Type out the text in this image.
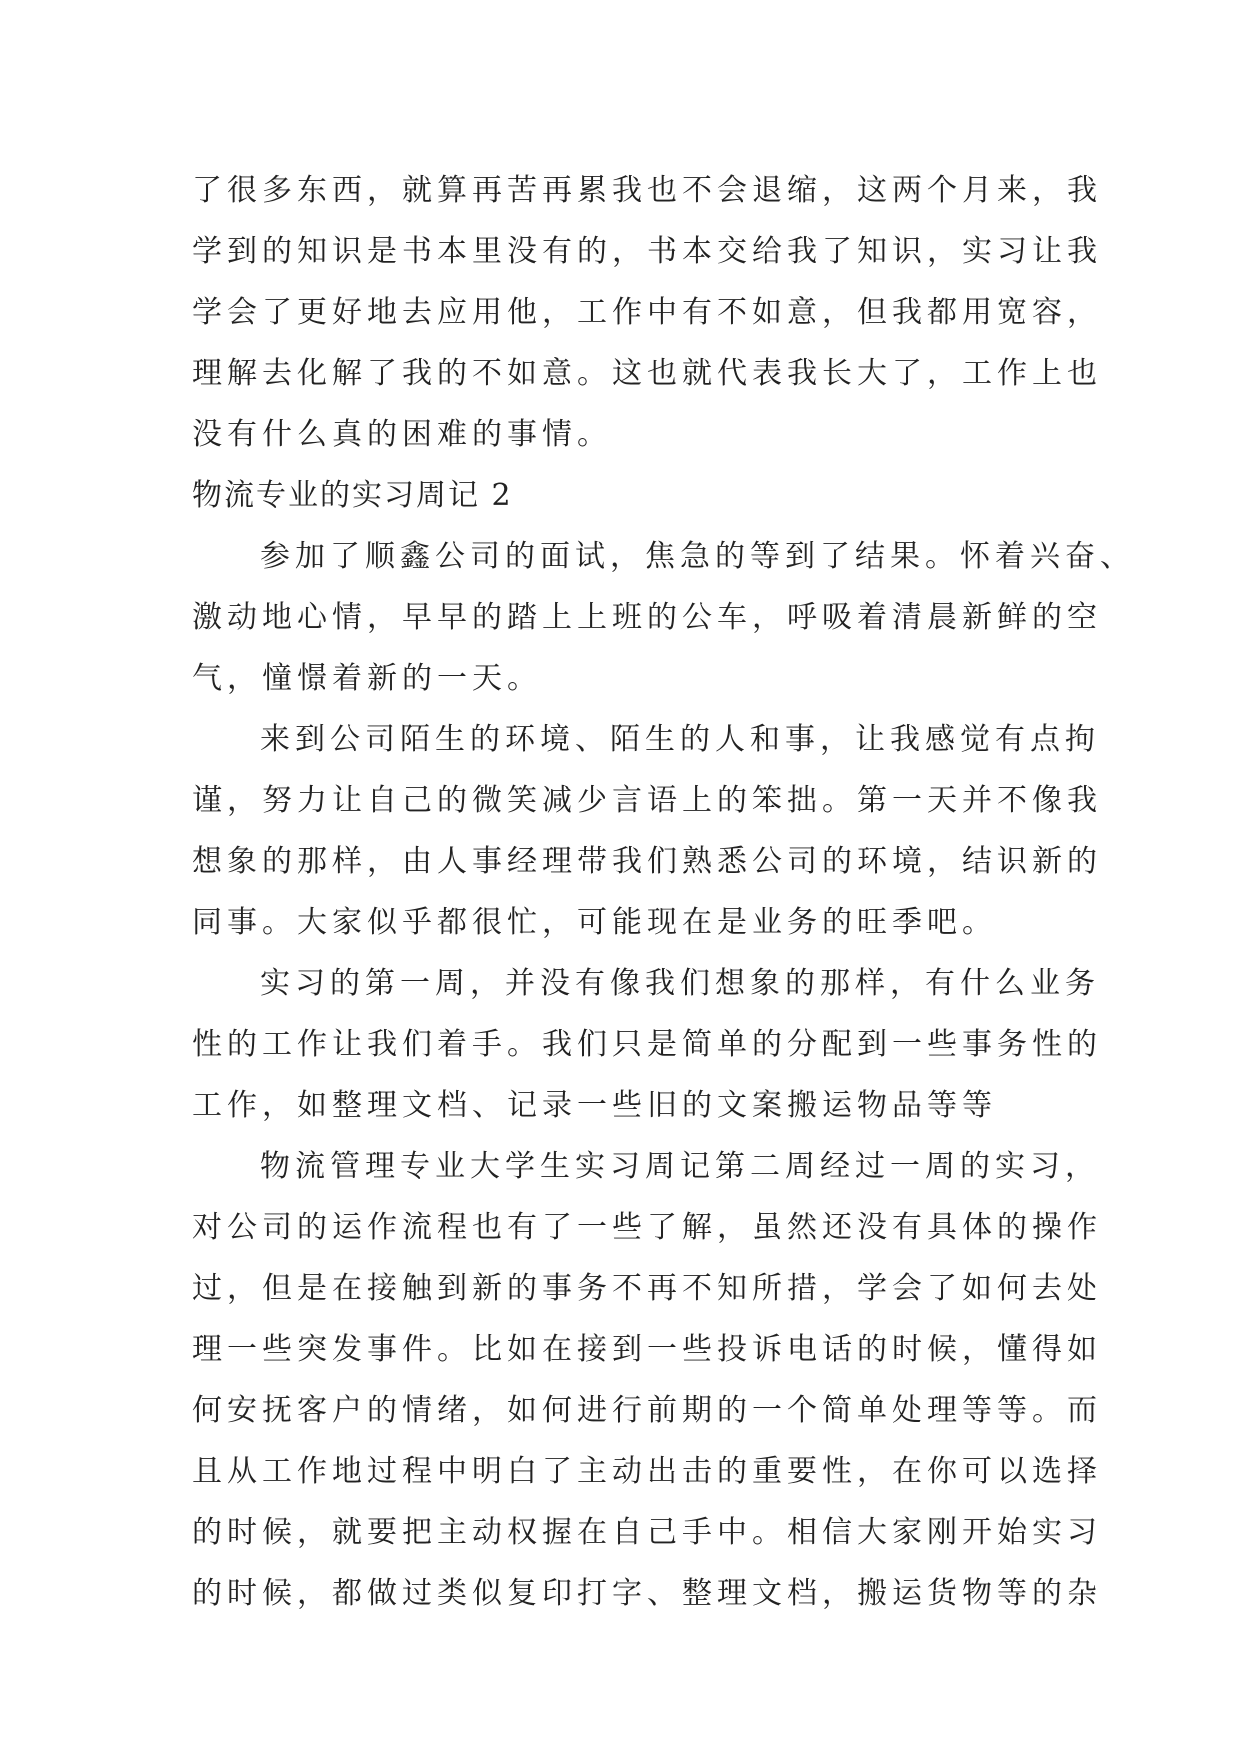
了很多东西，就算再苦再累我也不会退缩，这两个月来，我
学到的知识是书本里没有的，书本交给我了知识，实习让我
学会了更好地去应用他，工作中有不如意，但我都用宽容，
理解去化解了我的不如意。这也就代表我长大了，工作上也
没有什么真的困难的事情。

物流专业的实习周记 2

参加了顺鑫公司的面试，焦急的等到了结果。怀着兴奋、
激动地心情，早早的踏上上班的公车，呼吸着清晨新鲜的空
气，憧憬着新的一天。

来到公司陌生的环境、陌生的人和事，让我感觉有点拘
谨，努力让自己的微笑减少言语上的笨拙。第一天并不像我
想象的那样，由人事经理带我们熟悉公司的环境，结识新的
同事。大家似乎都很忙，可能现在是业务的旺季吧。

实习的第一周，并没有像我们想象的那样，有什么业务
性的工作让我们着手。我们只是简单的分配到一些事务性的
工作，如整理文档、记录一些旧的文案搬运物品等等

物流管理专业大学生实习周记第二周经过一周的实习，
对公司的运作流程也有了一些了解，虽然还没有具体的操作
过，但是在接触到新的事务不再不知所措，学会了如何去处
理一些突发事件。比如在接到一些投诉电话的时候，懂得如
何安抚客户的情绪，如何进行前期的一个简单处理等等。而
且从工作地过程中明白了主动出击的重要性，在你可以选择
的时候，就要把主动权握在自己手中。相信大家刚开始实习
的时候，都做过类似复印打字、整理文档，搬运货物等的杂
